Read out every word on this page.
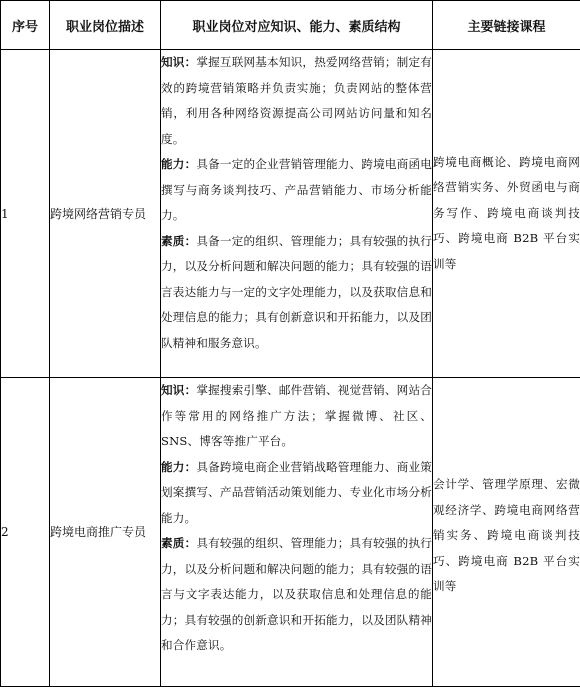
序号	职业岗位描述	职业岗位对应知识、能力、素质结构	主要链接课程
1	跨境网络营销专员	知识：掌握互联网基本知识，热爱网络营销；制定有效的跨境营销策略并负责实施；负责网站的整体营销，利用各种网络资源提高公司网站访问量和知名度。

能力：具备一定的企业营销管理能力、跨境电商函电撰写与商务谈判技巧、产品营销能力、市场分析能力。

素质：具备一定的组织、管理能力；具有较强的执行力，以及分析问题和解决问题的能力；具有较强的语言表达能力与一定的文字处理能力，以及获取信息和处理信息的能力；具有创新意识和开拓能力，以及团队精神和服务意识。	跨境电商概论、跨境电商网络营销实务、外贸函电与商务写作、跨境电商谈判技巧、跨境电商 B2B 平台实训等
2	跨境电商推广专员	知识：掌握搜索引擎、邮件营销、视觉营销、网站合作等常用的网络推广方法；掌握微博、社区、SNS、博客等推广平台。

能力：具备跨境电商企业营销战略管理能力、商业策划案撰写、产品营销活动策划能力、专业化市场分析能力。

素质：具有较强的组织、管理能力；具有较强的执行力，以及分析问题和解决问题的能力；具有较强的语言与文字表达能力，以及获取信息和处理信息的能力；具有较强的创新意识和开拓能力，以及团队精神和合作意识。	会计学、管理学原理、宏微观经济学、跨境电商网络营销实务、跨境电商谈判技巧、跨境电商 B2B 平台实训等
